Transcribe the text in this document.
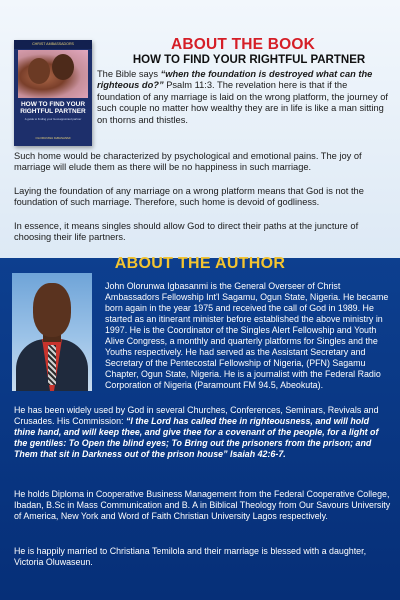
CHRIST AMBASSADORS
HOW TO FIND YOUR RIGHTFUL PARTNER
A guide to finding your God-appointed partner
OLORUNWA IGBASANMI
ABOUT THE BOOK
HOW TO FIND YOUR RIGHTFUL PARTNER
The Bible says “when the foundation is destroyed what can the righteous do?” Psalm 11:3. The revelation here is that if the foundation of any marriage is laid on the wrong platform, the journey of such couple no matter how wealthy they are in life is like a man sitting on thorns and thistles.
Such home would be characterized by psychological and emotional pains. The joy of marriage will elude them as there will be no happiness in such marriage.
Laying the foundation of any marriage on a wrong platform means that God is not the foundation of such marriage. Therefore, such home is devoid of godliness.
In essence, it means singles should allow God to direct their paths at the juncture of choosing their life partners.
ABOUT THE AUTHOR
John Olorunwa Igbasanmi is the General Overseer of Christ Ambassadors Fellowship Int'l Sagamu, Ogun State, Nigeria. He became born again in the year 1975 and received the call of God in 1989. He started as an itinerant minister before established the above ministry in 1997. He is the Coordinator of the Singles Alert Fellowship and Youth Alive Congress, a monthly and quarterly platforms for Singles and the Youths respectively. He had served as the Assistant Secretary and Secretary of the Pentecostal Fellowship of Nigeria, (PFN) Sagamu Chapter, Ogun State, Nigeria. He is a journalist with the Federal Radio Corporation of Nigeria (Paramount FM 94.5, Abeokuta).
He has been widely used by God in several Churches, Conferences, Seminars, Revivals and Crusades. His Commission: “I the Lord has called thee in righteousness, and will hold thine hand, and will keep thee, and give thee for a covenant of the people, for a light of the gentiles: To Open the blind eyes; To Bring out the prisoners from the prison; and Them that sit in Darkness out of the prison house” Isaiah 42:6-7.
He holds Diploma in Cooperative Business Management from the Federal Cooperative College, Ibadan, B.Sc in Mass Communication and B. A in Biblical Theology from Our Savours University of America, New York and Word of Faith Christian University Lagos respectively.
He is happily married to Christiana Temilola and their marriage is blessed with a daughter, Victoria Oluwaseun.
